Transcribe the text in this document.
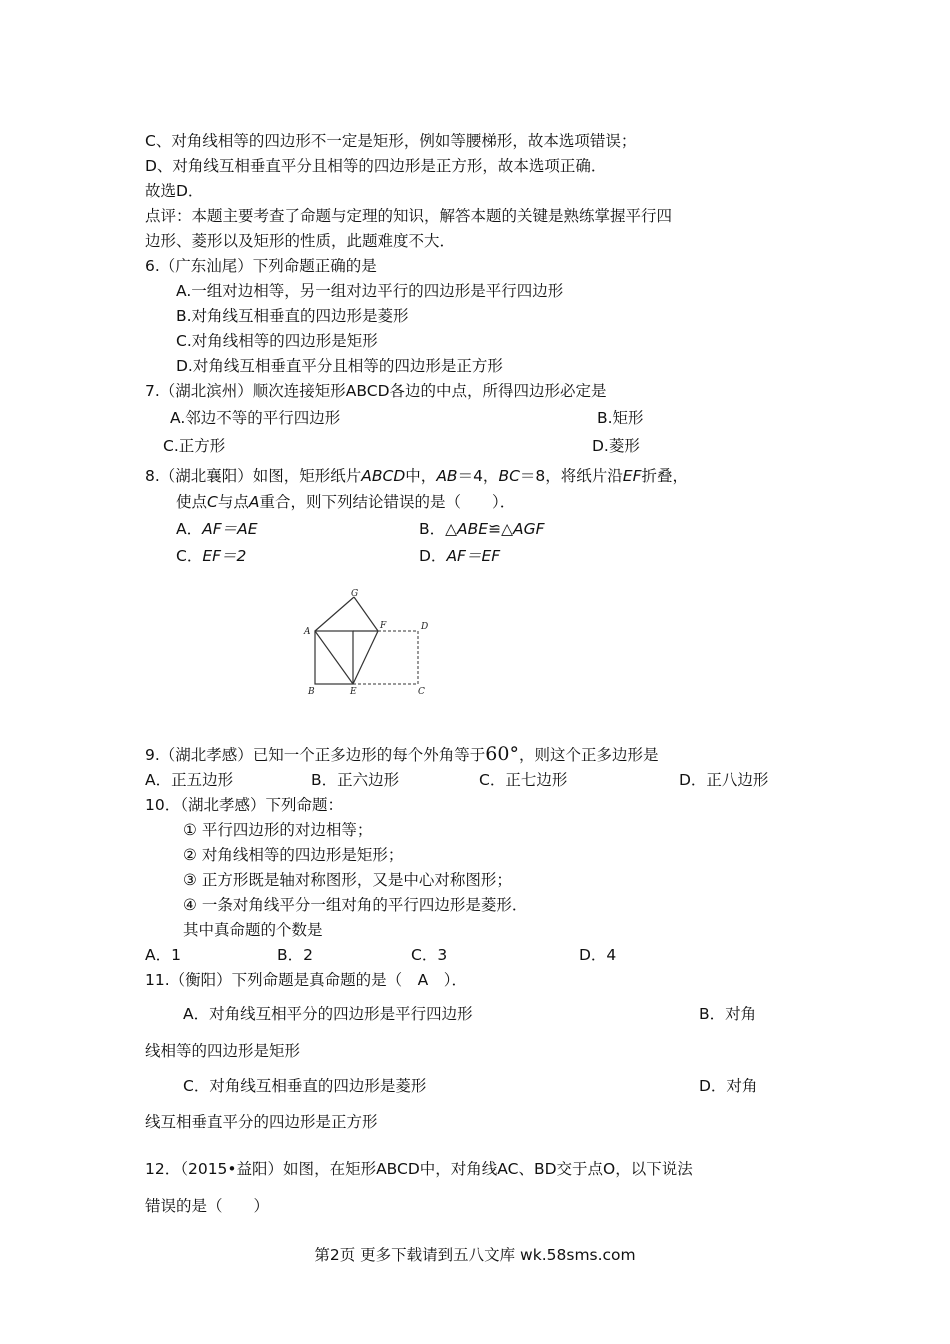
C、对角线相等的四边形不一定是矩形，例如等腰梯形，故本选项错误；
D、对角线互相垂直平分且相等的四边形是正方形，故本选项正确．
故选D．
点评：本题主要考查了命题与定理的知识，解答本题的关键是熟练掌握平行四
边形、菱形以及矩形的性质，此题难度不大．
6.（广东汕尾）下列命题正确的是
A.一组对边相等，另一组对边平行的四边形是平行四边形
B.对角线互相垂直的四边形是菱形
C.对角线相等的四边形是矩形
D.对角线互相垂直平分且相等的四边形是正方形
7.（湖北滨州）顺次连接矩形ABCD各边的中点，所得四边形必定是
A.邻边不等的平行四边形	B.矩形
C.正方形	D.菱形
8.（湖北襄阳）如图，矩形纸片ABCD中，AB＝4，BC＝8，将纸片沿EF折叠，
使点C与点A重合，则下列结论错误的是（　　）．
A．AF＝AE	B．△ABE≌△AGF
C．EF＝2	D．AF＝EF
G
A
F	D
B	E	C
9.（湖北孝感）已知一个正多边形的每个外角等于60°，则这个正多边形是
A．正五边形	B．正六边形	C．正七边形	D．正八边形
10．（湖北孝感）下列命题：
① 平行四边形的对边相等；
② 对角线相等的四边形是矩形；
③ 正方形既是轴对称图形，又是中心对称图形；
④ 一条对角线平分一组对角的平行四边形是菱形．
其中真命题的个数是
A．1	B．2	C．3	D．4
11.（衡阳）下列命题是真命题的是（　A　）．
A．对角线互相平分的四边形是平行四边形	B．对角
线相等的四边形是矩形
C．对角线互相垂直的四边形是菱形	D．对角
线互相垂直平分的四边形是正方形
12．（2015•益阳）如图，在矩形ABCD中，对角线AC、BD交于点O，以下说法
错误的是（　　）
第2页 更多下载请到五八文库 wk.58sms.com
